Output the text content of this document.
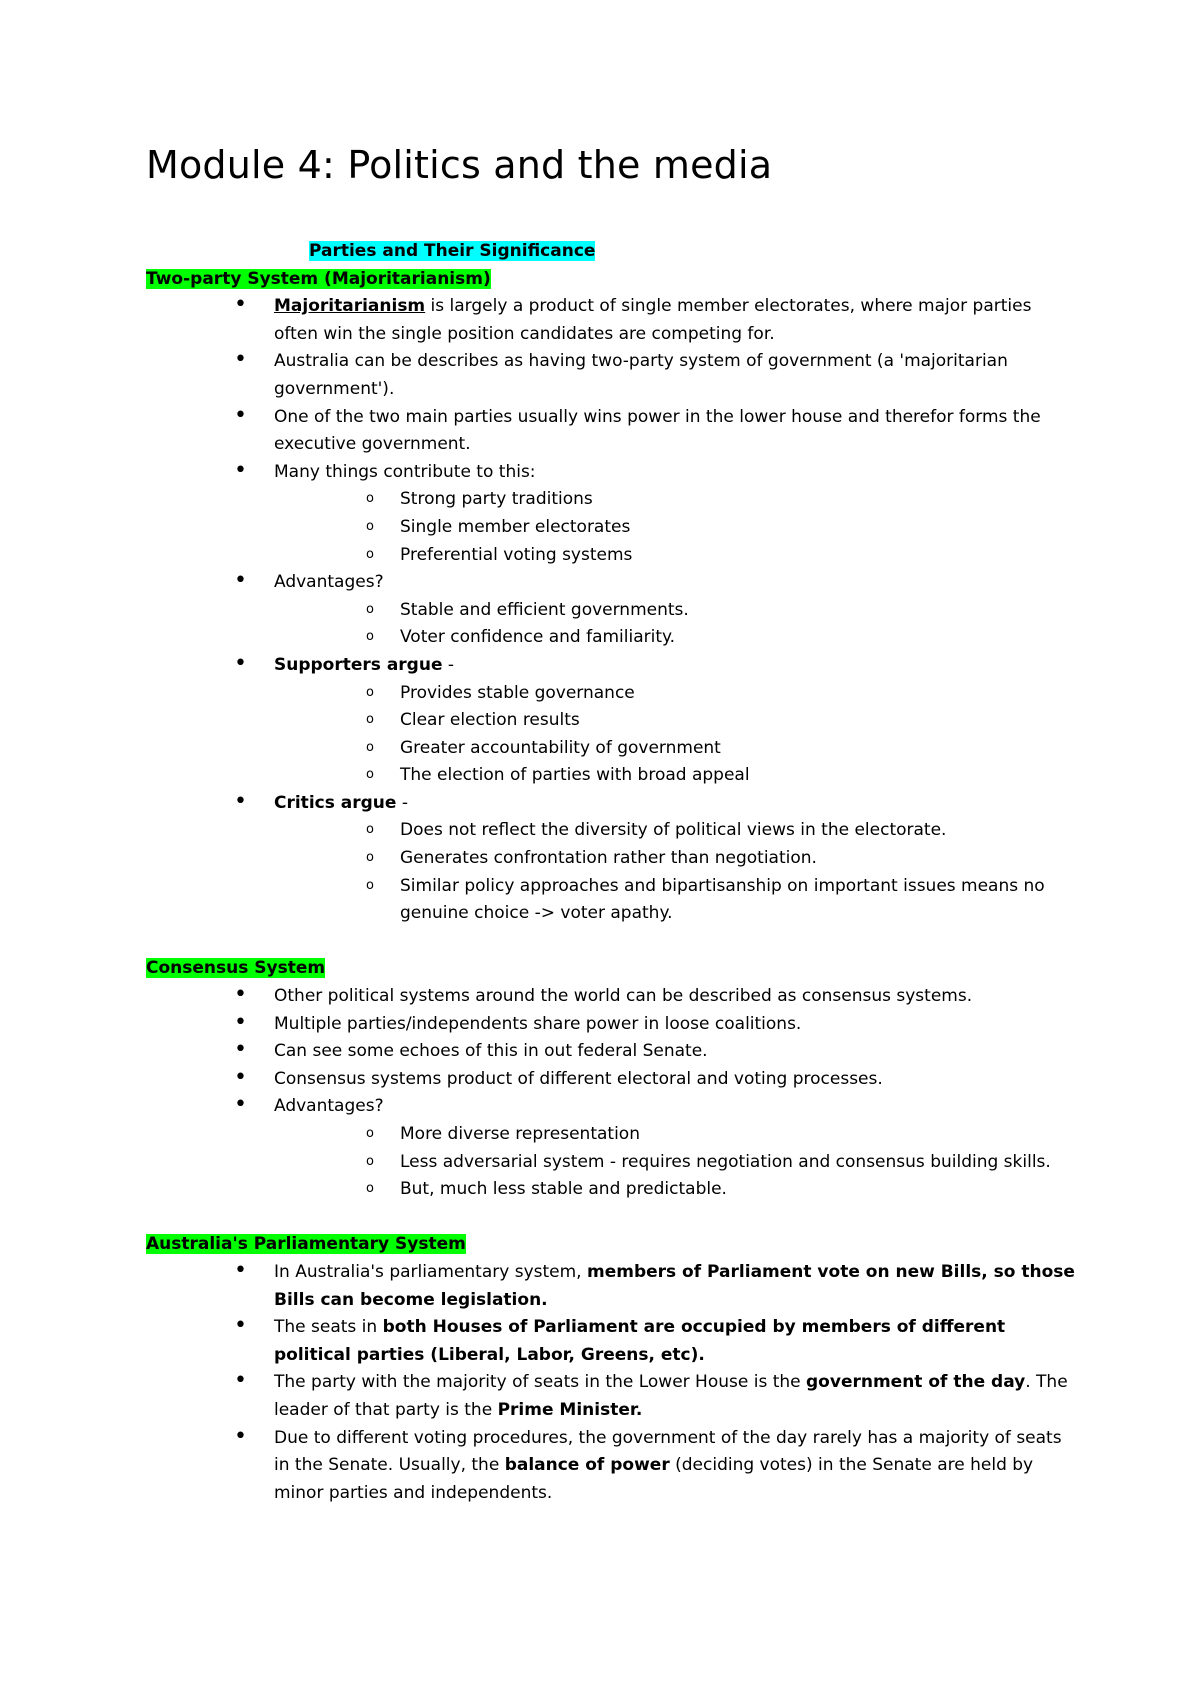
Module 4: Politics and the media
Parties and Their Significance
Two-party System (Majoritarianism)
• Majoritarianism is largely a product of single member electorates, where major parties often win the single position candidates are competing for.
• Australia can be describes as having two-party system of government (a 'majoritarian government').
• One of the two main parties usually wins power in the lower house and therefor forms the executive government.
• Many things contribute to this:
o Strong party traditions
o Single member electorates
o Preferential voting systems
• Advantages?
o Stable and efficient governments.
o Voter confidence and familiarity.
• Supporters argue -
o Provides stable governance
o Clear election results
o Greater accountability of government
o The election of parties with broad appeal
• Critics argue -
o Does not reflect the diversity of political views in the electorate.
o Generates confrontation rather than negotiation.
o Similar policy approaches and bipartisanship on important issues means no genuine choice -> voter apathy.
Consensus System
• Other political systems around the world can be described as consensus systems.
• Multiple parties/independents share power in loose coalitions.
• Can see some echoes of this in out federal Senate.
• Consensus systems product of different electoral and voting processes.
• Advantages?
o More diverse representation
o Less adversarial system - requires negotiation and consensus building skills.
o But, much less stable and predictable.
Australia's Parliamentary System
• In Australia's parliamentary system, members of Parliament vote on new Bills, so those Bills can become legislation.
• The seats in both Houses of Parliament are occupied by members of different political parties (Liberal, Labor, Greens, etc).
• The party with the majority of seats in the Lower House is the government of the day. The leader of that party is the Prime Minister.
• Due to different voting procedures, the government of the day rarely has a majority of seats in the Senate. Usually, the balance of power (deciding votes) in the Senate are held by minor parties and independents.
